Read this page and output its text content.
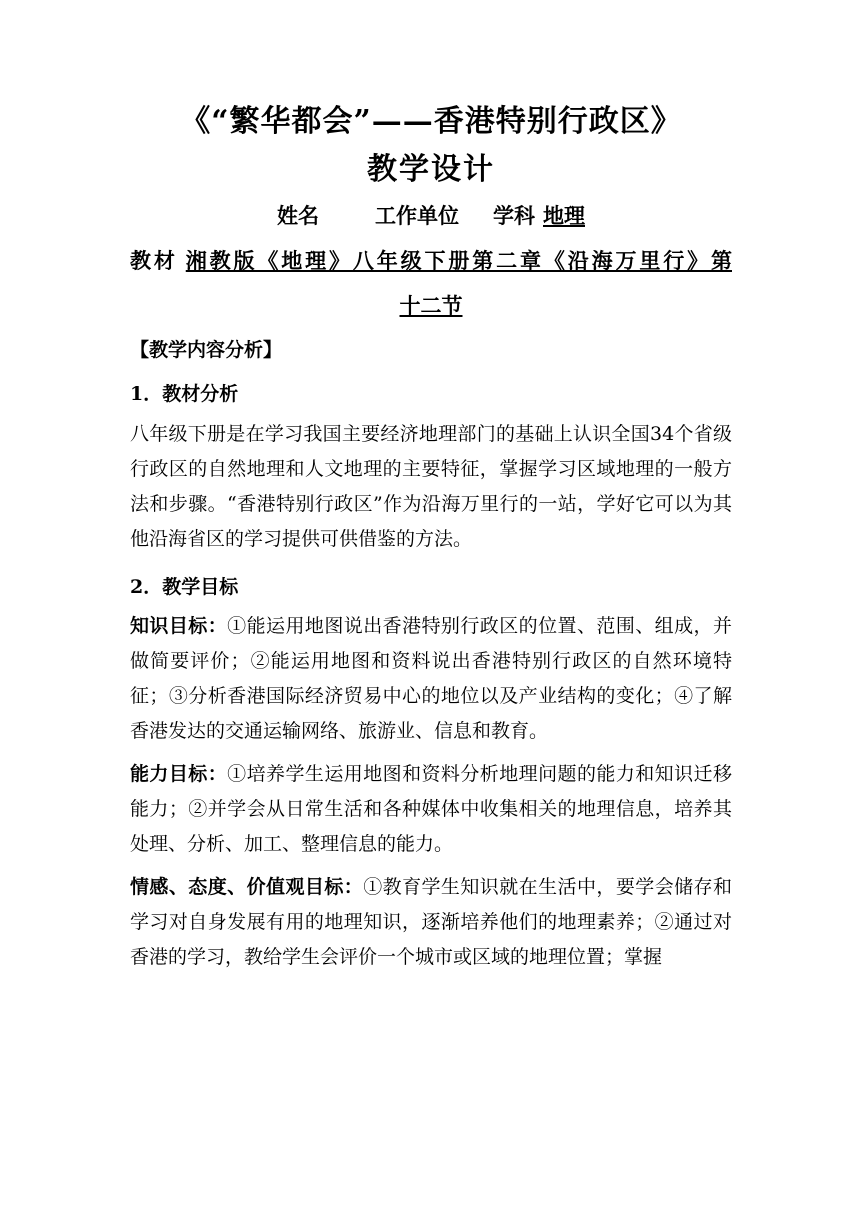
《“繁华都会”——香港特别行政区》
教学设计
姓名	工作单位 学科 地理
教材 湘教版《地理》八年级下册第二章《沿海万里行》第
十二节
【教学内容分析】
1．教材分析
八年级下册是在学习我国主要经济地理部门的基础上认识全国34个省级行政区的自然地理和人文地理的主要特征，掌握学习区域地理的一般方法和步骤。“香港特别行政区”作为沿海万里行的一站，学好它可以为其他沿海省区的学习提供可供借鉴的方法。
2．教学目标
知识目标：①能运用地图说出香港特别行政区的位置、范围、组成，并做简要评价；②能运用地图和资料说出香港特别行政区的自然环境特征；③分析香港国际经济贸易中心的地位以及产业结构的变化；④了解香港发达的交通运输网络、旅游业、信息和教育。
能力目标：①培养学生运用地图和资料分析地理问题的能力和知识迁移能力；②并学会从日常生活和各种媒体中收集相关的地理信息，培养其处理、分析、加工、整理信息的能力。
情感、态度、价值观目标：①教育学生知识就在生活中，要学会储存和学习对自身发展有用的地理知识，逐渐培养他们的地理素养；②通过对香港的学习，教给学生会评价一个城市或区域的地理位置；掌握
